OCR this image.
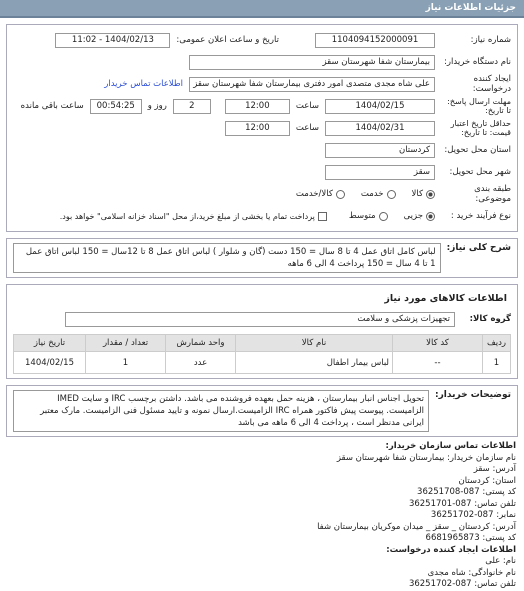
جزئیات اطلاعات نیاز
شماره نیاز:
1104094152000091
تاریخ و ساعت اعلان عمومی:
1404/02/13 - 11:02
نام دستگاه خریدار:
بیمارستان شفا شهرستان سقز
ایجاد کننده درخواست:
علی شاه مجدی متصدی امور دفتری بیمارستان شفا شهرستان سقز
اطلاعات تماس خریدار
مهلت ارسال پاسخ: تا تاریخ:
1404/02/15
ساعت
12:00
2
روز و
00:54:25
ساعت باقی مانده
حداقل تاریخ اعتبار قیمت: تا تاریخ:
1404/02/31
ساعت
12:00
استان محل تحویل:
کردستان
شهر محل تحویل:
سقز
طبقه بندی موضوعی:
کالا
خدمت
کالا/خدمت
نوع فرآیند خرید :
جزیی
متوسط
پرداخت تمام یا بخشی از مبلغ خرید،از محل "اسناد خزانه اسلامی" خواهد بود.
شرح کلی نیاز:
لباس کامل اتاق عمل 4 تا 8 سال = 150 دست (گان و شلوار ) لباس اتاق عمل 8 تا 12سال = 150 لباس اتاق عمل 1 تا 4 سال = 150 پرداخت 4 الی 6 ماهه
اطلاعات کالاهای مورد نیاز
گروه کالا:
تجهیزات پزشکی و سلامت
ردیف	کد کالا	نام کالا	واحد شمارش	تعداد / مقدار	تاریخ نیاز
1	--	لباس بیمار اطفال	عدد	1	1404/02/15
توضیحات خریدار:
تحویل اجناس انبار بیمارستان ، هزینه حمل بعهده فروشنده می باشد. داشتن برچسب IRC و سایت IMED الزامیست. پیوست پیش فاکتور همراه IRC الزامیست.ارسال نمونه و تایید مسئول فنی الزامیست. مارک معتبر ایرانی مدنظر است ، پرداخت 4 الی 6 ماهه می باشد

اطلاعات تماس سازمان خریدار:

نام سازمان خریدار: بیمارستان شفا شهرستان سقز

آدرس: سقز

استان: کردستان

کد پستی: 087-36251708

تلفن تماس: 087-36251701

نمابر: 087-36251702

آدرس: کردستان _ سقز _ میدان موکریان بیمارستان شفا

کد پستی: 6681965873

اطلاعات ایجاد کننده درخواست:

نام: علی

نام خانوادگی: شاه مجدی

تلفن تماس: 087-36251702
